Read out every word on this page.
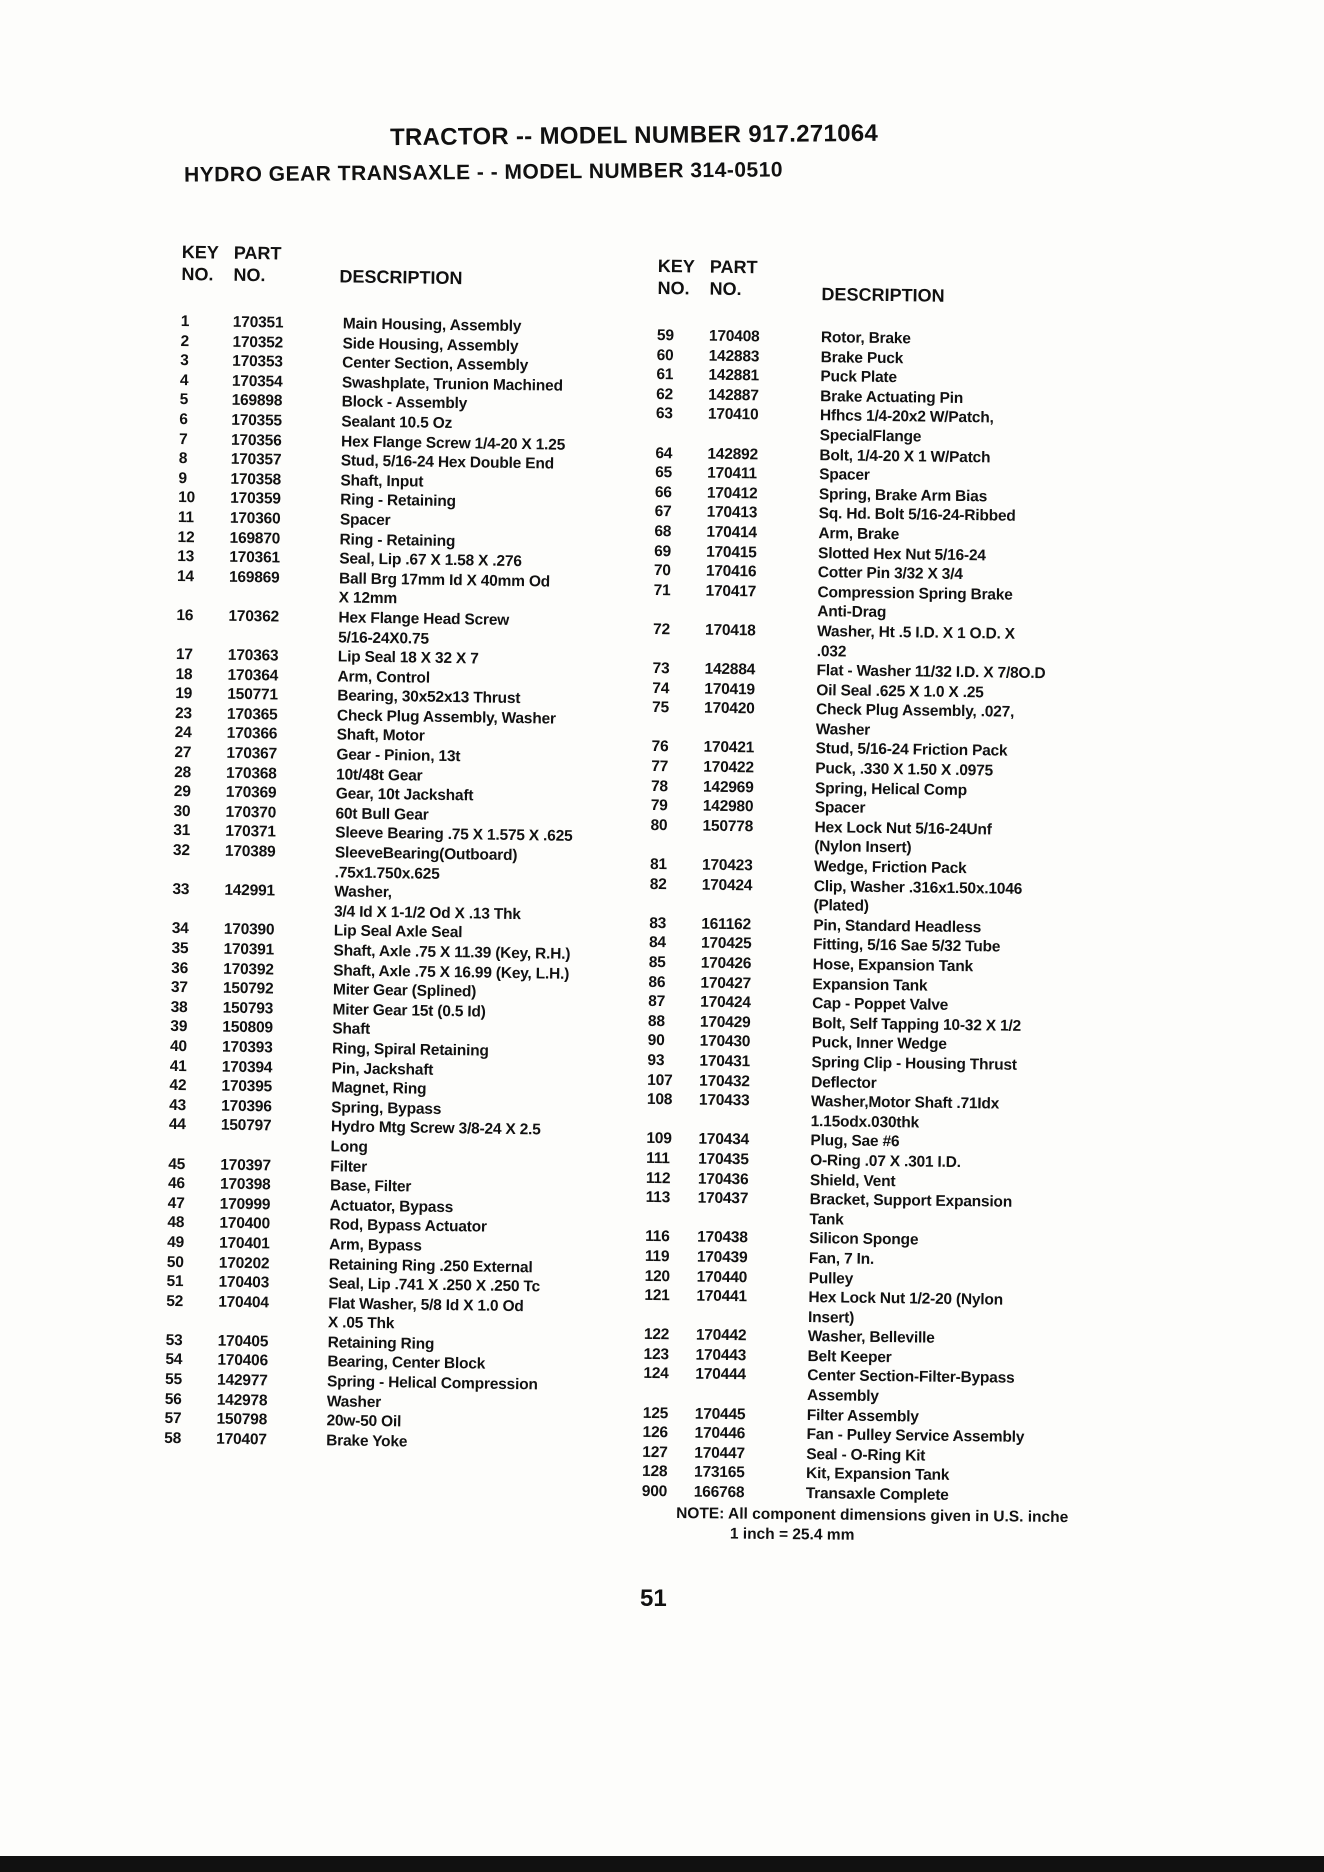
TRACTOR -- MODEL NUMBER 917.271064
HYDRO GEAR TRANSAXLE - - MODEL NUMBER 314-0510
KEY
NO.
PART
NO.	DESCRIPTION
1	170351	Main Housing, Assembly
2	170352	Side Housing, Assembly
3	170353	Center Section, Assembly
4	170354	Swashplate, Trunion Machined
5	169898	Block - Assembly
6	170355	Sealant 10.5 Oz
7	170356	Hex Flange Screw 1/4-20 X 1.25
8	170357	Stud, 5/16-24 Hex Double End
9	170358	Shaft, Input
10	170359	Ring - Retaining
11	170360	Spacer
12	169870	Ring - Retaining
13	170361	Seal, Lip .67 X 1.58 X .276
14	169869	Ball Brg 17mm Id X 40mm Od
X 12mm
16	170362	Hex Flange Head Screw
5/16-24X0.75
17	170363	Lip Seal 18 X 32 X 7
18	170364	Arm, Control
19	150771	Bearing, 30x52x13 Thrust
23	170365	Check Plug Assembly, Washer
24	170366	Shaft, Motor
27	170367	Gear - Pinion, 13t
28	170368	10t/48t Gear
29	170369	Gear, 10t Jackshaft
30	170370	60t Bull Gear
31	170371	Sleeve Bearing .75 X 1.575 X .625
32	170389	SleeveBearing(Outboard)
.75x1.750x.625
33	142991	Washer,
3/4 Id X 1-1/2 Od X .13 Thk
34	170390	Lip Seal Axle Seal
35	170391	Shaft, Axle .75 X 11.39 (Key, R.H.)
36	170392	Shaft, Axle .75 X 16.99 (Key, L.H.)
37	150792	Miter Gear (Splined)
38	150793	Miter Gear 15t (0.5 Id)
39	150809	Shaft
40	170393	Ring, Spiral Retaining
41	170394	Pin, Jackshaft
42	170395	Magnet, Ring
43	170396	Spring, Bypass
44	150797	Hydro Mtg Screw 3/8-24 X 2.5
Long
45	170397	Filter
46	170398	Base, Filter
47	170999	Actuator, Bypass
48	170400	Rod, Bypass Actuator
49	170401	Arm, Bypass
50	170202	Retaining Ring .250 External
51	170403	Seal, Lip .741 X .250 X .250 Tc
52	170404	Flat Washer, 5/8 Id X 1.0 Od
X .05 Thk
53	170405	Retaining Ring
54	170406	Bearing, Center Block
55	142977	Spring - Helical Compression
56	142978	Washer
57	150798	20w-50 Oil
58	170407	Brake Yoke
KEY
NO.
PART
NO.	DESCRIPTION
59	170408	Rotor, Brake
60	142883	Brake Puck
61	142881	Puck Plate
62	142887	Brake Actuating Pin
63	170410	Hfhcs 1/4-20x2 W/Patch,
SpecialFlange
64	142892	Bolt, 1/4-20 X 1 W/Patch
65	170411	Spacer
66	170412	Spring, Brake Arm Bias
67	170413	Sq. Hd. Bolt 5/16-24-Ribbed
68	170414	Arm, Brake
69	170415	Slotted Hex Nut 5/16-24
70	170416	Cotter Pin 3/32 X 3/4
71	170417	Compression Spring Brake
Anti-Drag
72	170418	Washer, Ht .5 I.D. X 1 O.D. X
.032
73	142884	Flat - Washer 11/32 I.D. X 7/8O.D
74	170419	Oil Seal .625 X 1.0 X .25
75	170420	Check Plug Assembly, .027,
Washer
76	170421	Stud, 5/16-24 Friction Pack
77	170422	Puck, .330 X 1.50 X .0975
78	142969	Spring, Helical Comp
79	142980	Spacer
80	150778	Hex Lock Nut 5/16-24Unf
(Nylon Insert)
81	170423	Wedge, Friction Pack
82	170424	Clip, Washer .316x1.50x.1046
(Plated)
83	161162	Pin, Standard Headless
84	170425	Fitting, 5/16 Sae 5/32 Tube
85	170426	Hose, Expansion Tank
86	170427	Expansion Tank
87	170424	Cap - Poppet Valve
88	170429	Bolt, Self Tapping 10-32 X 1/2
90	170430	Puck, Inner Wedge
93	170431	Spring Clip - Housing Thrust
107	170432	Deflector
108	170433	Washer,Motor Shaft .71Idx
1.15odx.030thk
109	170434	Plug, Sae #6
111	170435	O-Ring .07 X .301 I.D.
112	170436	Shield, Vent
113	170437	Bracket, Support Expansion
Tank
116	170438	Silicon Sponge
119	170439	Fan, 7 In.
120	170440	Pulley
121	170441	Hex Lock Nut 1/2-20 (Nylon
Insert)
122	170442	Washer, Belleville
123	170443	Belt Keeper
124	170444	Center Section-Filter-Bypass
Assembly
125	170445	Filter Assembly
126	170446	Fan - Pulley Service Assembly
127	170447	Seal - O-Ring Kit
128	173165	Kit, Expansion Tank
900	166768	Transaxle Complete
NOTE: All component dimensions given in U.S. inche
1 inch = 25.4 mm
51
